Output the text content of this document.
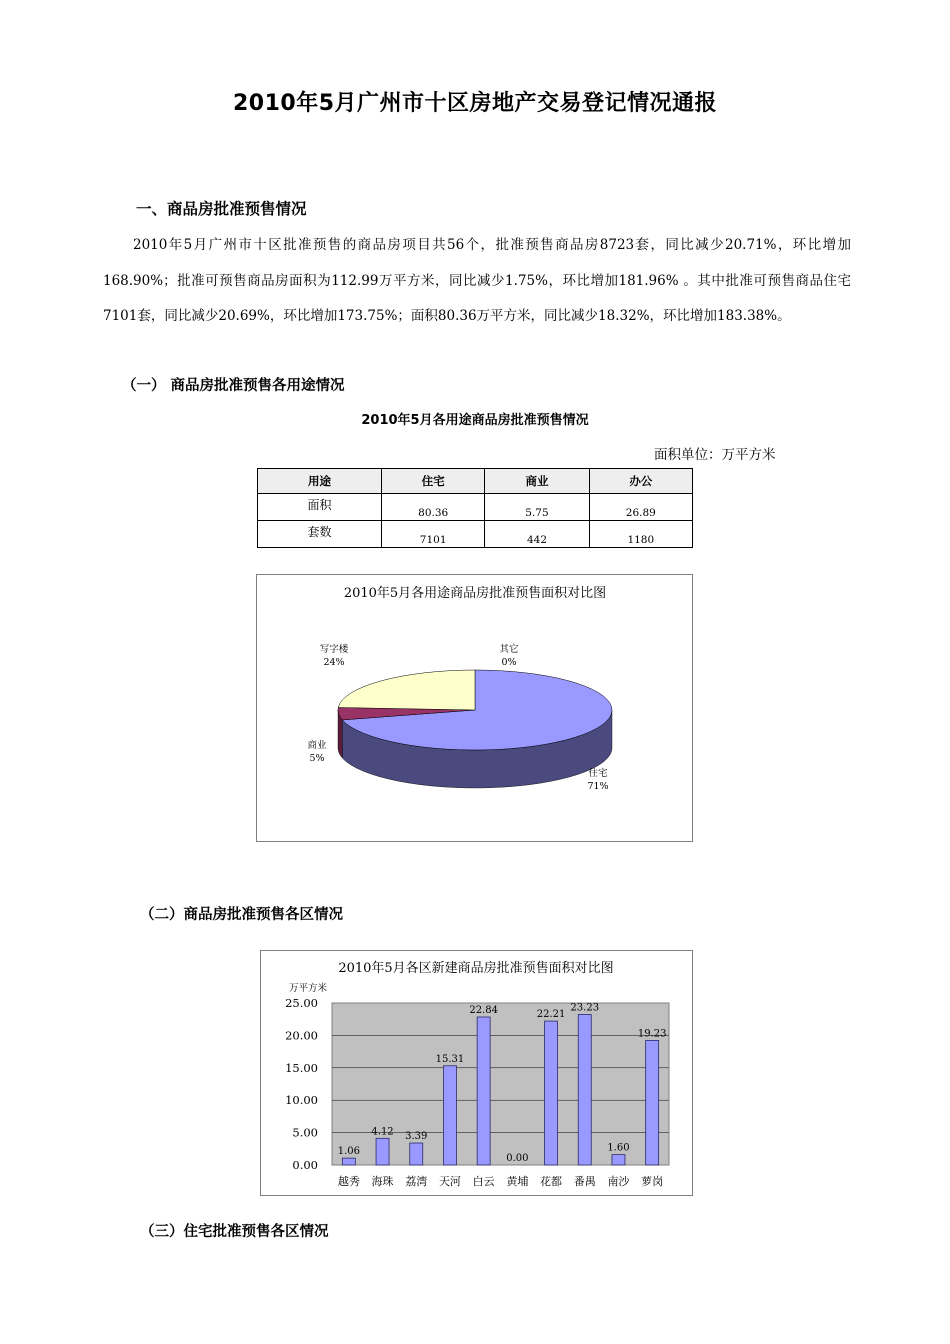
2010年5月广州市十区房地产交易登记情况通报
一、商品房批准预售情况
2010年5月广州市十区批准预售的商品房项目共56个，批准预售商品房8723套，同比减少20.71%，环比增加168.90%；批准可预售商品房面积为112.99万平方米，同比减少1.75%，环比增加181.96% 。其中批准可预售商品住宅7101套，同比减少20.69%，环比增加173.75%；面积80.36万平方米，同比减少18.32%，环比增加183.38%。
（一） 商品房批准预售各用途情况
2010年5月各用途商品房批准预售情况
面积单位：万平方米
用途	住宅	商业	办公
面积	80.36	5.75	26.89
套数	7101	442	1180
2010年5月各用途商品房批准预售面积对比图
写字楼
24%
其它
0%
商业
5%
住宅
71%
（二）商品房批准预售各区情况
2010年5月各区新建商品房批准预售面积对比图
万平方米
0.00
5.00
10.00
15.00
20.00
25.00
1.06
越秀
4.12
海珠
3.39
荔湾
15.31
天河
22.84
白云
0.00
黄埔
22.21
花都
23.23
番禺
1.60
南沙
19.23
萝岗
（三）住宅批准预售各区情况
